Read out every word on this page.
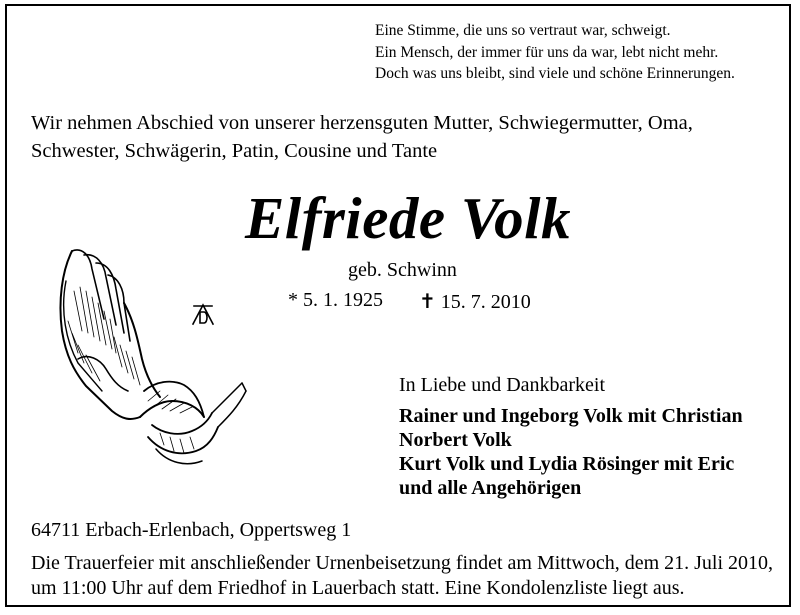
Eine Stimme, die uns so vertraut war, schweigt.
Ein Mensch, der immer für uns da war, lebt nicht mehr.
Doch was uns bleibt, sind viele und schöne Erinnerungen.
Wir nehmen Abschied von unserer herzensguten Mutter, Schwiegermutter, Oma,
Schwester, Schwägerin, Patin, Cousine und Tante
Elfriede Volk
geb. Schwinn
* 5. 1. 1925 ✝ 15. 7. 2010
In Liebe und Dankbarkeit
Rainer und Ingeborg Volk mit Christian
Norbert Volk
Kurt Volk und Lydia Rösinger mit Eric
und alle Angehörigen
64711 Erbach-Erlenbach, Oppertsweg 1
Die Trauerfeier mit anschließender Urnenbeisetzung findet am Mittwoch, dem 21. Juli 2010,
um 11:00 Uhr auf dem Friedhof in Lauerbach statt. Eine Kondolenzliste liegt aus.
